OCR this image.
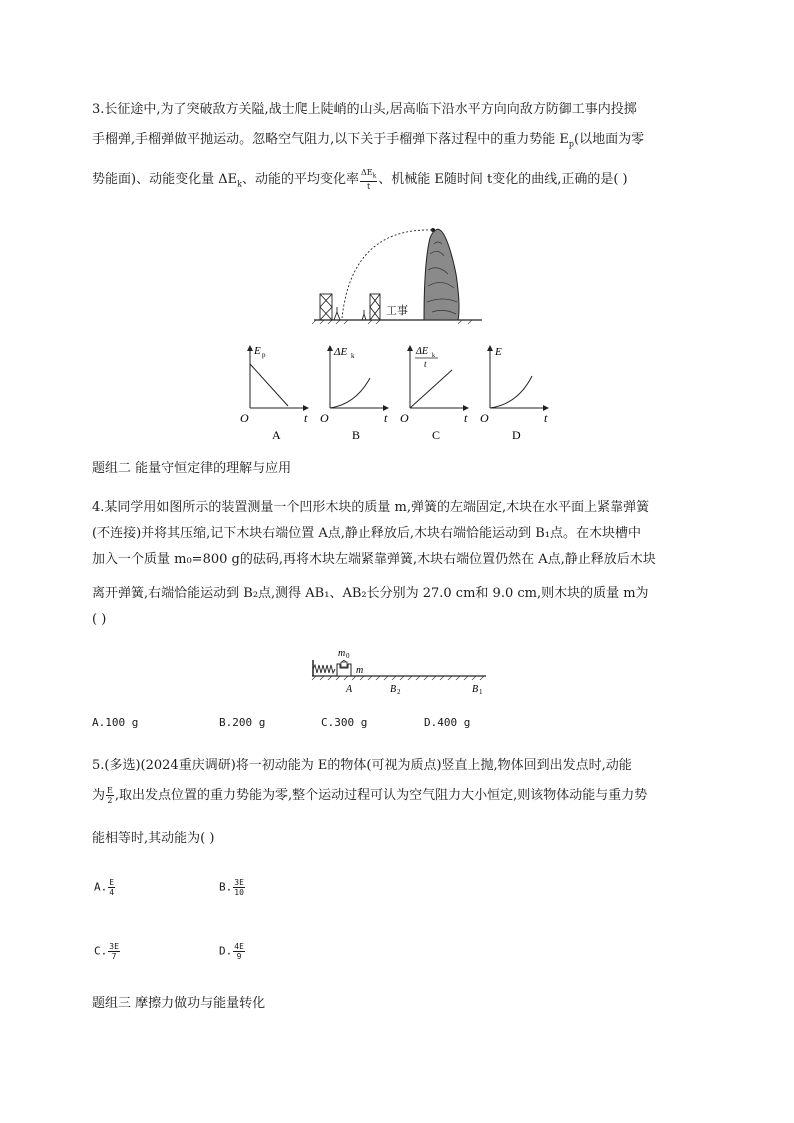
3.长征途中,为了突破敌方关隘,战士爬上陡峭的山头,居高临下沿水平方向向敌方防御工事内投掷
手榴弹,手榴弹做平抛运动。忽略空气阻力,以下关于手榴弹下落过程中的重力势能 $E_p$(以地面为零
势能面)、动能变化量 $\Delta E_k$、动能的平均变化率 $\frac{\Delta E_k}{t}$ 、机械能 E随时间 t变化的曲线,正确的是( )
工事
E p
O	t
A
ΔE k
O	t
B
ΔE k
t
O	t
C
E
O	t
D
题组二 能量守恒定律的理解与应用
4.某同学用如图所示的装置测量一个凹形木块的质量 m,弹簧的左端固定,木块在水平面上紧靠弹簧
(不连接)并将其压缩,记下木块右端位置 A点,静止释放后,木块右端恰能运动到 B₁点。在木块槽中
加入一个质量 m₀=800 g的砝码,再将木块左端紧靠弹簧,木块右端位置仍然在 A点,静止释放后木块
离开弹簧,右端恰能运动到 B₂点,测得 AB₁、AB₂长分别为 27.0 cm和 9.0 cm,则木块的质量 m为
( )
m 0
m
A	B 2	B 1
A.100 g	B.200 g	C.300 g	D.400 g
5.(多选)(2024重庆调研)将一初动能为 E的物体(可视为质点)竖直上抛,物体回到出发点时,动能
为 $\frac{E}{2}$ ,取出发点位置的重力势能为零,整个运动过程可认为空气阻力大小恒定,则该物体动能与重力势
能相等时,其动能为( )
A. $\frac{E}{4}$	B. $\frac{3E}{10}$
C. $\frac{3E}{7}$	D. $\frac{4E}{9}$
题组三 摩擦力做功与能量转化
